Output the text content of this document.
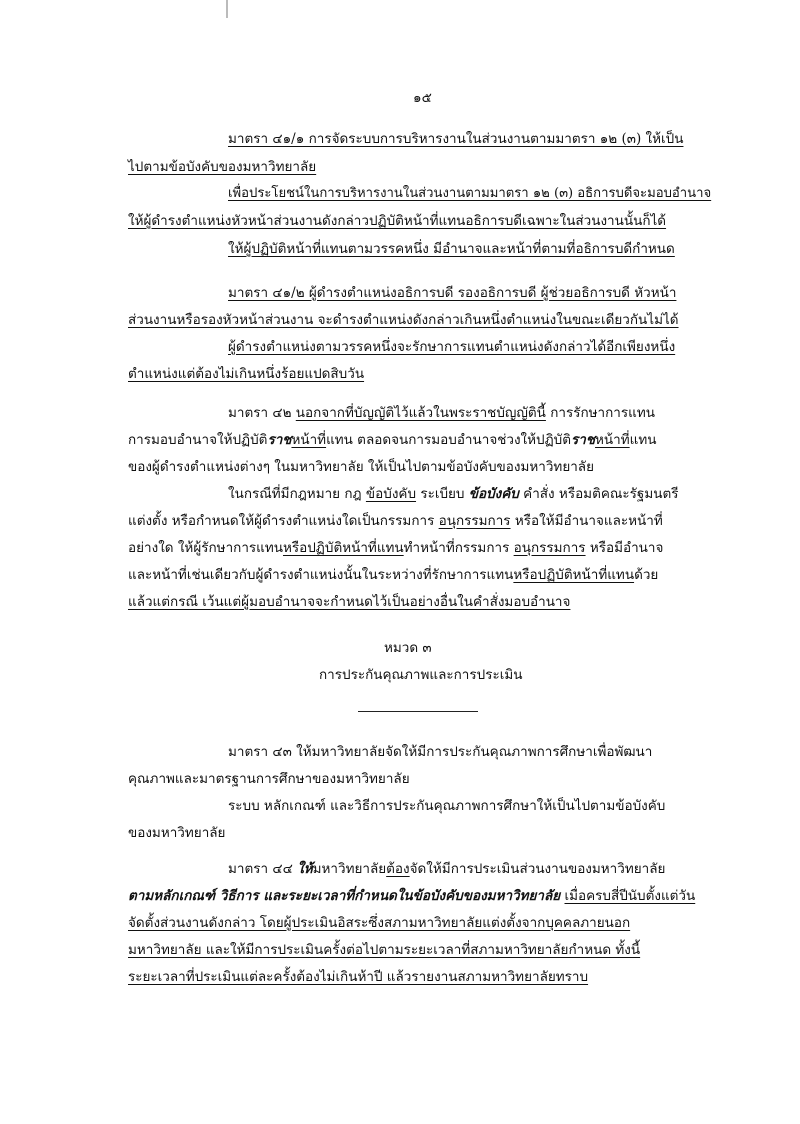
๑๕
มาตรา ๔๑/๑ การจัดระบบการบริหารงานในส่วนงานตามมาตรา ๑๒ (๓) ให้เป็น
ไปตามข้อบังคับของมหาวิทยาลัย
เพื่อประโยชน์ในการบริหารงานในส่วนงานตามมาตรา ๑๒ (๓) อธิการบดีจะมอบอำนาจ
ให้ผู้ดำรงตำแหน่งหัวหน้าส่วนงานดังกล่าวปฏิบัติหน้าที่แทนอธิการบดีเฉพาะในส่วนงานนั้นก็ได้
ให้ผู้ปฏิบัติหน้าที่แทนตามวรรคหนึ่ง มีอำนาจและหน้าที่ตามที่อธิการบดีกำหนด
มาตรา ๔๑/๒ ผู้ดำรงตำแหน่งอธิการบดี รองอธิการบดี ผู้ช่วยอธิการบดี หัวหน้า
ส่วนงานหรือรองหัวหน้าส่วนงาน จะดำรงตำแหน่งดังกล่าวเกินหนึ่งตำแหน่งในขณะเดียวกันไม่ได้
ผู้ดำรงตำแหน่งตามวรรคหนึ่งจะรักษาการแทนตำแหน่งดังกล่าวได้อีกเพียงหนึ่ง
ตำแหน่งแต่ต้องไม่เกินหนึ่งร้อยแปดสิบวัน
มาตรา ๔๒ นอกจากที่บัญญัติไว้แล้วในพระราชบัญญัตินี้ การรักษาการแทน
การมอบอำนาจให้ปฏิบัติราชหน้าที่แทน ตลอดจนการมอบอำนาจช่วงให้ปฏิบัติราชหน้าที่แทน
ของผู้ดำรงตำแหน่งต่างๆ ในมหาวิทยาลัย ให้เป็นไปตามข้อบังคับของมหาวิทยาลัย
ในกรณีที่มีกฎหมาย กฎ ข้อบังคับ ระเบียบ ข้อบังคับ คำสั่ง หรือมติคณะรัฐมนตรี
แต่งตั้ง หรือกำหนดให้ผู้ดำรงตำแหน่งใดเป็นกรรมการ อนุกรรมการ หรือให้มีอำนาจและหน้าที่
อย่างใด ให้ผู้รักษาการแทนหรือปฏิบัติหน้าที่แทนทำหน้าที่กรรมการ อนุกรรมการ หรือมีอำนาจ
และหน้าที่เช่นเดียวกับผู้ดำรงตำแหน่งนั้นในระหว่างที่รักษาการแทนหรือปฏิบัติหน้าที่แทนด้วย
แล้วแต่กรณี เว้นแต่ผู้มอบอำนาจจะกำหนดไว้เป็นอย่างอื่นในคำสั่งมอบอำนาจ
หมวด ๓
การประกันคุณภาพและการประเมิน
มาตรา ๔๓ ให้มหาวิทยาลัยจัดให้มีการประกันคุณภาพการศึกษาเพื่อพัฒนา
คุณภาพและมาตรฐานการศึกษาของมหาวิทยาลัย
ระบบ หลักเกณฑ์ และวิธีการประกันคุณภาพการศึกษาให้เป็นไปตามข้อบังคับ
ของมหาวิทยาลัย
มาตรา ๔๔ ให้มหาวิทยาลัยต้องจัดให้มีการประเมินส่วนงานของมหาวิทยาลัย
ตามหลักเกณฑ์ วิธีการ และระยะเวลาที่กำหนดในข้อบังคับของมหาวิทยาลัย เมื่อครบสี่ปีนับตั้งแต่วัน
จัดตั้งส่วนงานดังกล่าว โดยผู้ประเมินอิสระซึ่งสภามหาวิทยาลัยแต่งตั้งจากบุคคลภายนอก
มหาวิทยาลัย และให้มีการประเมินครั้งต่อไปตามระยะเวลาที่สภามหาวิทยาลัยกำหนด ทั้งนี้
ระยะเวลาที่ประเมินแต่ละครั้งต้องไม่เกินห้าปี แล้วรายงานสภามหาวิทยาลัยทราบ
